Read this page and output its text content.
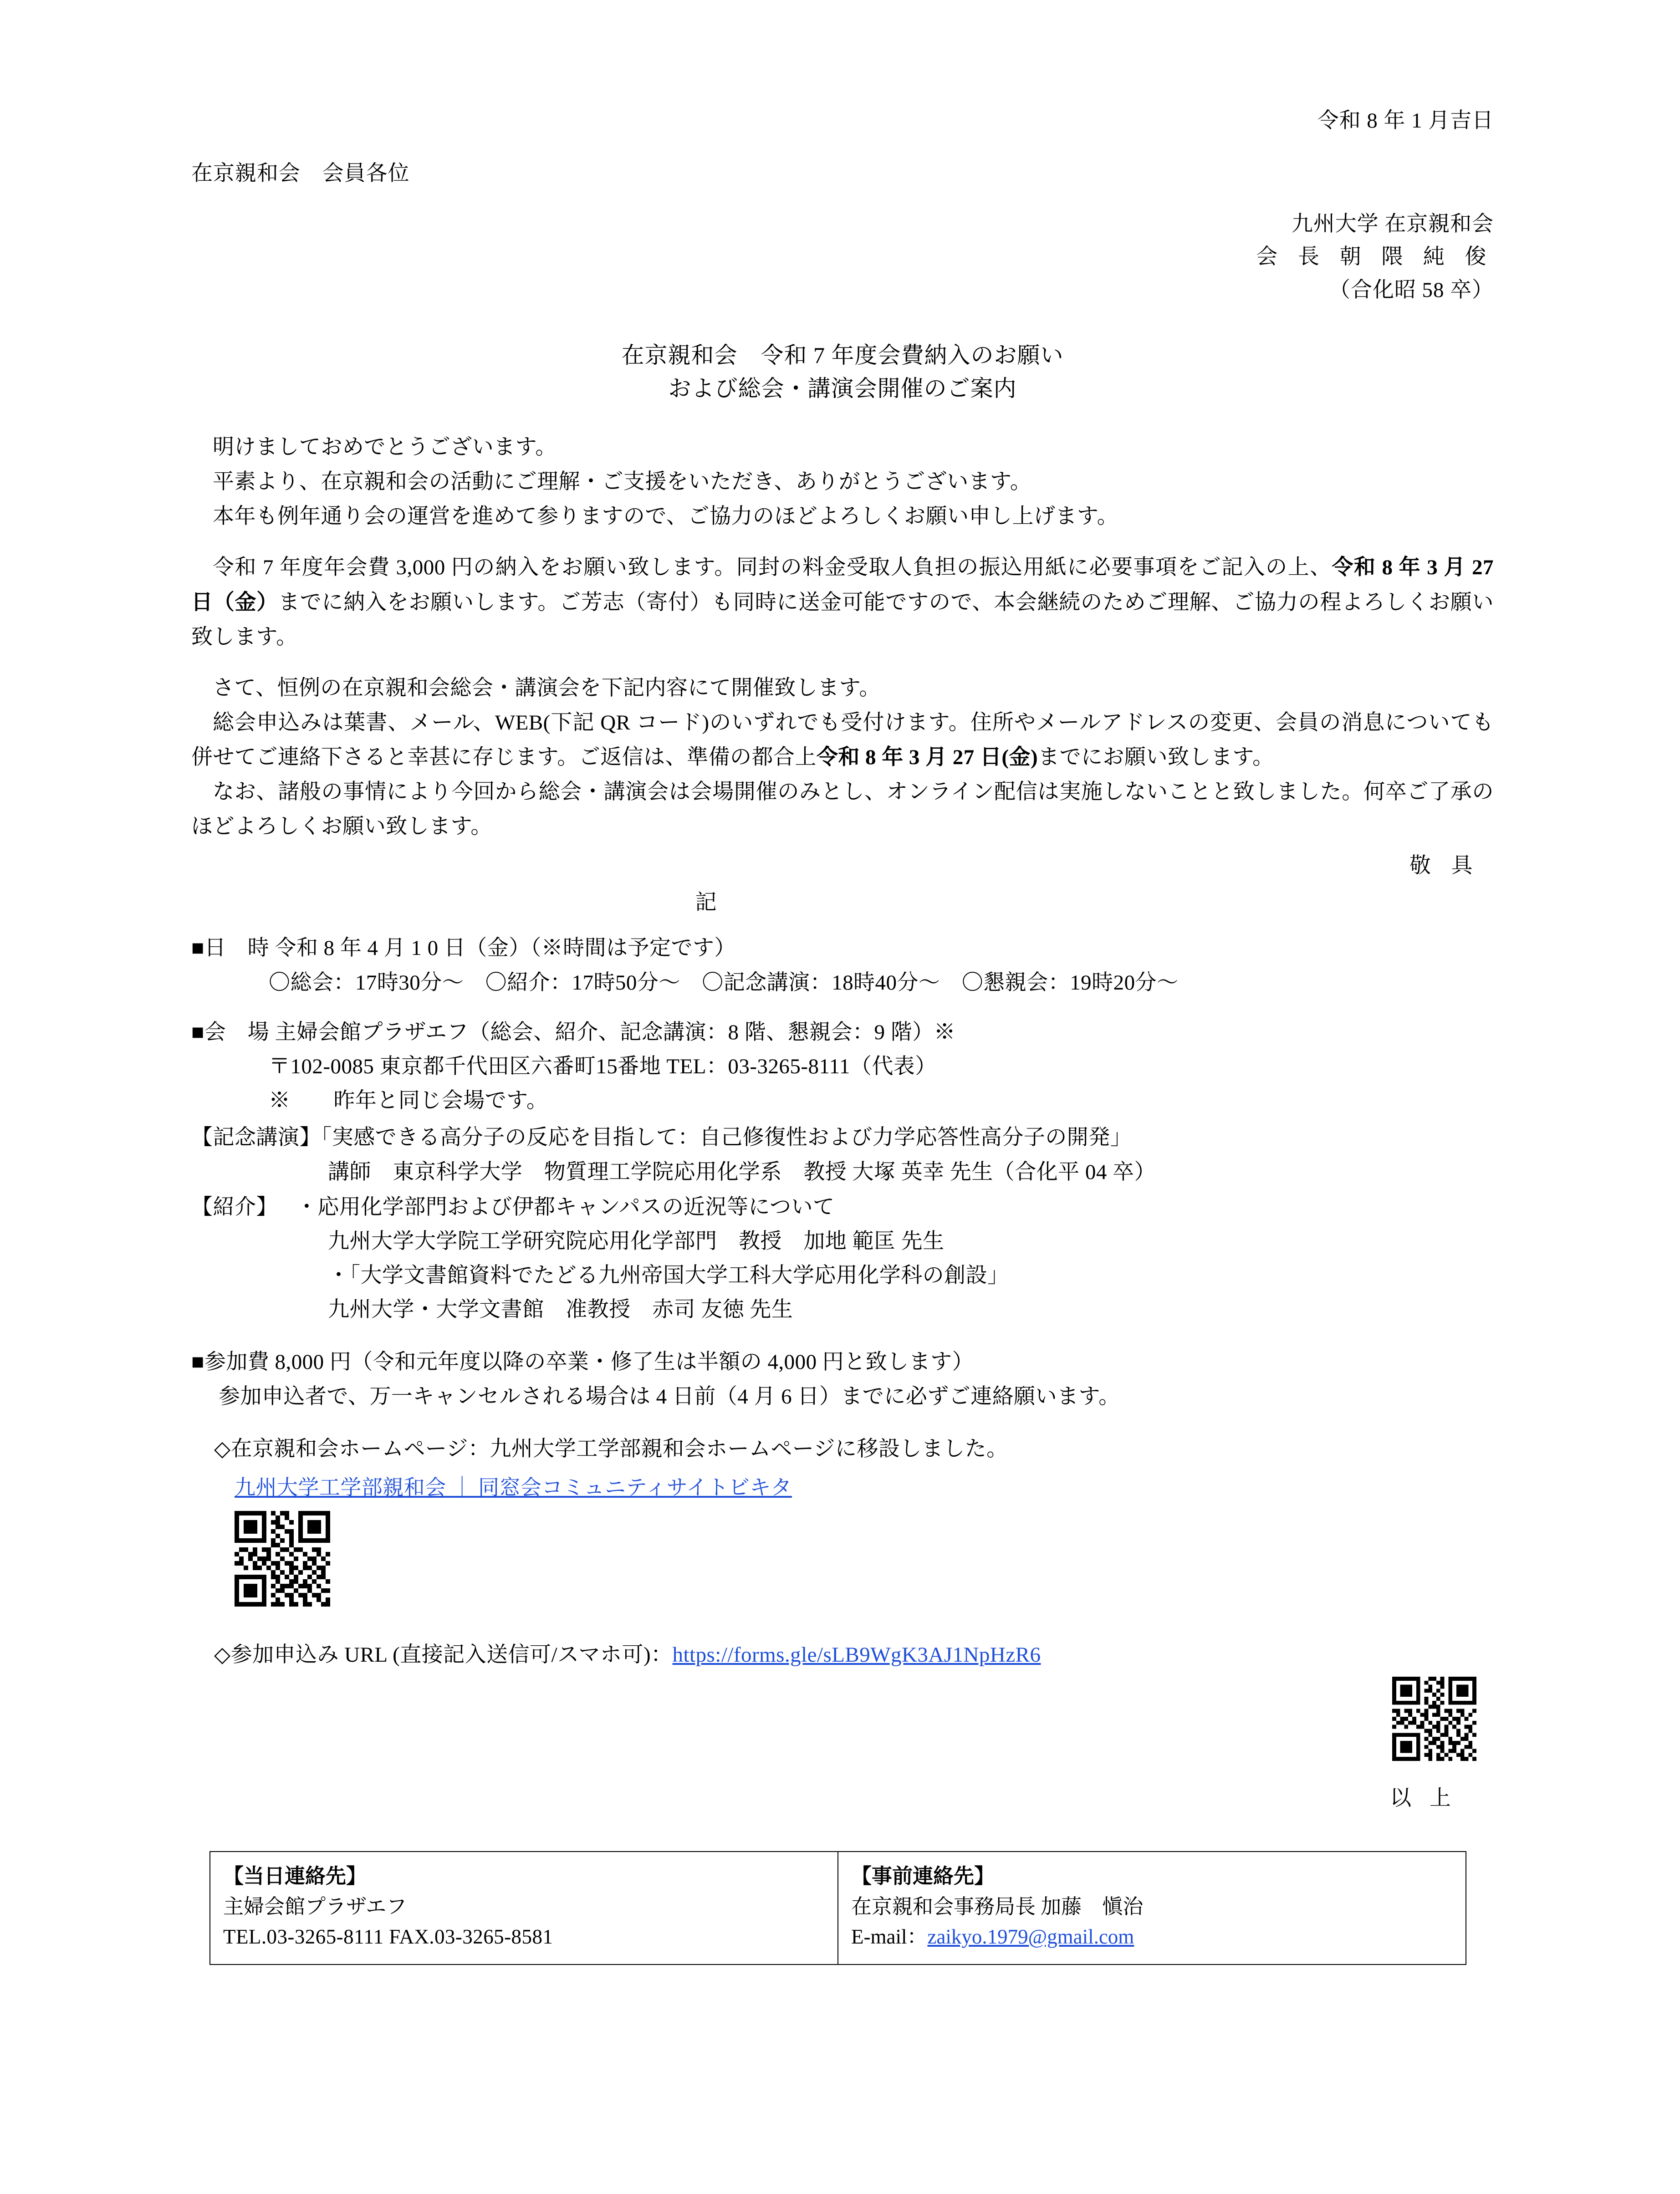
令和 8 年 1 月吉日
在京親和会　会員各位
九州大学 在京親和会
会 長 朝 隈 純 俊
（合化昭 58 卒）
在京親和会　令和 7 年度会費納入のお願い
および総会・講演会開催のご案内
明けましておめでとうございます。
平素より、在京親和会の活動にご理解・ご支援をいただき、ありがとうございます。
本年も例年通り会の運営を進めて参りますので、ご協力のほどよろしくお願い申し上げます。
令和 7 年度年会費 3,000 円の納入をお願い致します。同封の料金受取人負担の振込用紙に必要事項をご記入の上、令和 8 年 3 月 27 日（金）までに納入をお願いします。ご芳志（寄付）も同時に送金可能ですので、本会継続のためご理解、ご協力の程よろしくお願い致します。
さて、恒例の在京親和会総会・講演会を下記内容にて開催致します。
総会申込みは葉書、メール、WEB(下記 QR コード)のいずれでも受付けます。住所やメールアドレスの変更、会員の消息についても併せてご連絡下さると幸甚に存じます。ご返信は、準備の都合上令和 8 年 3 月 27 日(金)までにお願い致します。
なお、諸般の事情により今回から総会・講演会は会場開催のみとし、オンライン配信は実施しないことと致しました。何卒ご了承のほどよろしくお願い致します。
敬 具
記
■日　時 令和 8 年 4 月 1 0 日（金）（※時間は予定です）
〇総会：17時30分〜　〇紹介：17時50分〜　〇記念講演：18時40分〜　〇懇親会：19時20分〜
■会　場 主婦会館プラザエフ（総会、紹介、記念講演：8 階、懇親会：9 階）※
〒102-0085 東京都千代田区六番町15番地 TEL：03-3265-8111（代表）
※　　昨年と同じ会場です。
【記念講演】「実感できる高分子の反応を目指して：自己修復性および力学応答性高分子の開発」
講師　東京科学大学　物質理工学院応用化学系　教授 大塚 英幸 先生（合化平 04 卒）
【紹介】 ・応用化学部門および伊都キャンパスの近況等について
九州大学大学院工学研究院応用化学部門　教授　加地 範匡 先生
・「大学文書館資料でたどる九州帝国大学工科大学応用化学科の創設」
九州大学・大学文書館　准教授　赤司 友徳 先生
■参加費 8,000 円（令和元年度以降の卒業・修了生は半額の 4,000 円と致します）
参加申込者で、万一キャンセルされる場合は 4 日前（4 月 6 日）までに必ずご連絡願います。
◇在京親和会ホームページ：九州大学工学部親和会ホームページに移設しました。
九州大学工学部親和会 ｜ 同窓会コミュニティサイトビキタ
◇参加申込み URL (直接記入送信可/スマホ可)：https://forms.gle/sLB9WgK3AJ1NpHzR6
以 上
【当日連絡先】
主婦会館プラザエフ
TEL.03-3265-8111 FAX.03-3265-8581

【事前連絡先】
在京親和会事務局長 加藤　愼治
E-mail：zaikyo.1979@gmail.com
